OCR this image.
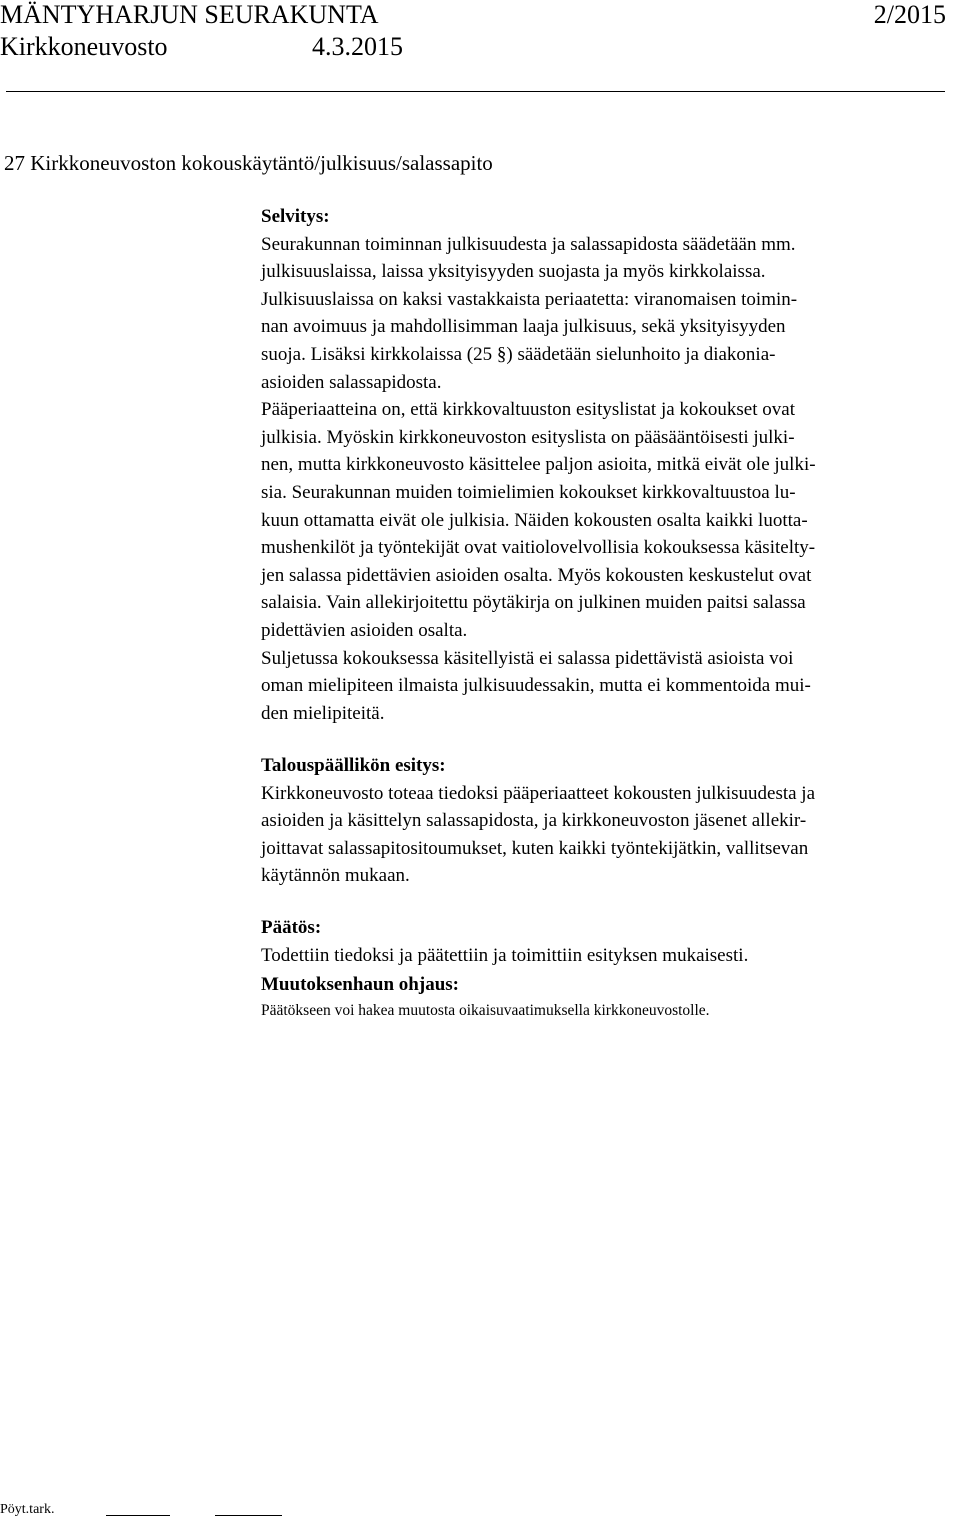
MÄNTYHARJUN SEURAKUNTA	2/2015
Kirkkoneuvosto	4.3.2015
27 Kirkkoneuvoston kokouskäytäntö/julkisuus/salassapito
Selvitys:
Seurakunnan toiminnan julkisuudesta ja salassapidosta säädetään mm.
julkisuuslaissa, laissa yksityisyyden suojasta ja myös kirkkolaissa.
Julkisuuslaissa on kaksi vastakkaista periaatetta: viranomaisen toimin-
nan avoimuus ja mahdollisimman laaja julkisuus, sekä yksityisyyden
suoja. Lisäksi kirkkolaissa (25 §) säädetään sielunhoito ja diakonia-
asioiden salassapidosta.
Pääperiaatteina on, että kirkkovaltuuston esityslistat ja kokoukset ovat
julkisia. Myöskin kirkkoneuvoston esityslista on pääsääntöisesti julki-
nen, mutta kirkkoneuvosto käsittelee paljon asioita, mitkä eivät ole julki-
sia. Seurakunnan muiden toimielimien kokoukset kirkkovaltuustoa lu-
kuun ottamatta eivät ole julkisia. Näiden kokousten osalta kaikki luotta-
mushenkilöt ja työntekijät ovat vaitiolovelvollisia kokouksessa käsitelty-
jen salassa pidettävien asioiden osalta. Myös kokousten keskustelut ovat
salaisia. Vain allekirjoitettu pöytäkirja on julkinen muiden paitsi salassa
pidettävien asioiden osalta.
Suljetussa kokouksessa käsitellyistä ei salassa pidettävistä asioista voi
oman mielipiteen ilmaista julkisuudessakin, mutta ei kommentoida mui-
den mielipiteitä.
Talouspäällikön esitys:
Kirkkoneuvosto toteaa tiedoksi pääperiaatteet kokousten julkisuudesta ja
asioiden ja käsittelyn salassapidosta, ja kirkkoneuvoston jäsenet allekir-
joittavat salassapitositoumukset, kuten kaikki työntekijätkin, vallitsevan
käytännön mukaan.
Päätös:
Todettiin tiedoksi ja päätettiin ja toimittiin esityksen mukaisesti.
Muutoksenhaun ohjaus:
Päätökseen voi hakea muutosta oikaisuvaatimuksella kirkkoneuvostolle.
Pöyt.tark.
